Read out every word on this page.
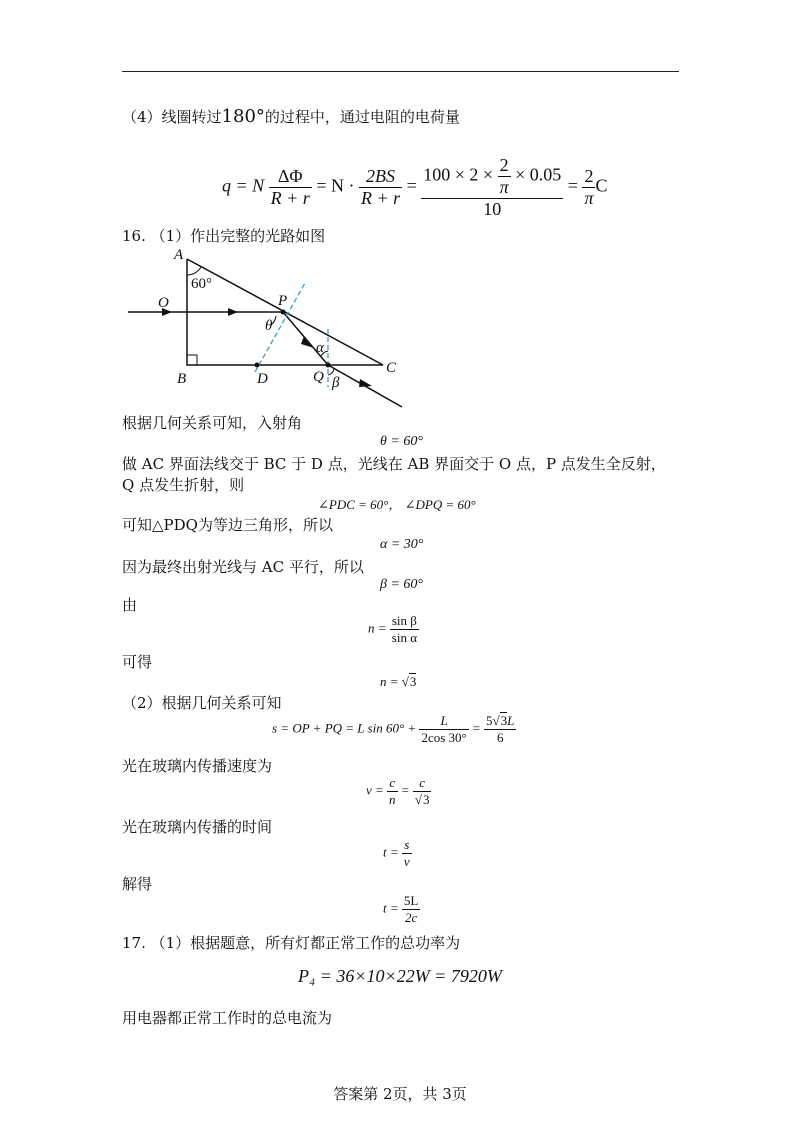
（4）线圈转过180°的过程中，通过电阻的电荷量
q = N $\frac{\Delta\Phi}{R + r} = N \cdot \frac{2BS}{R + r} = \frac{100 \times 2 \times \frac{2}{\pi} \times 0.05}{10} = \frac{2}{\pi}$ C
16. （1）作出完整的光路如图
A
B
C
D
O	P
Q
60°
θ
α
β
根据几何关系可知，入射角
θ = 60°
做 AC 界面法线交于 BC 于 D 点，光线在 AB 界面交于 O 点，P 点发生全反射，
Q 点发生折射，则
∠PDC = 60°， ∠DPQ = 60°
可知△PDQ为等边三角形，所以
α = 30°
因为最终出射光线与 AC 平行，所以
β = 60°
由
$n = \frac{\text{sin β}}{\text{sin α}}$
可得
n = √3
（2）根据几何关系可知
s = OP + PQ = L $\sin 60^\circ + \frac{L}{2\cos 30^\circ} = \frac{5√3L}{6}$
光在玻璃内传播速度为
$v = \frac{c}{n} = \frac{c}{√3}$
光在玻璃内传播的时间
$t = \frac{s}{v}$
解得
$t = \frac{5L}{2c}$
17. （1）根据题意，所有灯都正常工作的总功率为
P₄ = 36×10×22W = 7920W
用电器都正常工作时的总电流为
答案第 2页，共 3页
